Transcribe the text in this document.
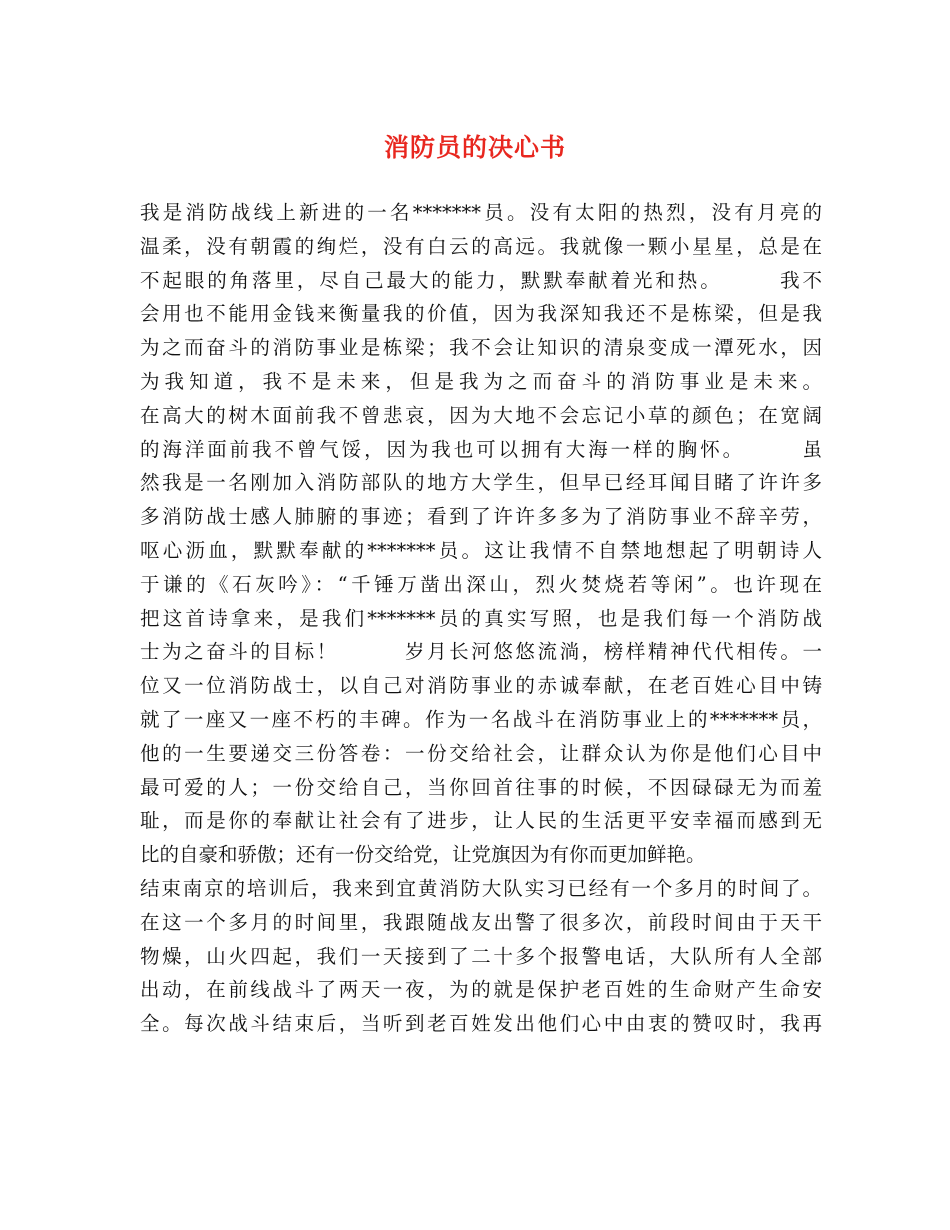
消防员的决心书
我是消防战线上新进的一名*******员。没有太阳的热烈，没有月亮的
温柔，没有朝霞的绚烂，没有白云的高远。我就像一颗小星星，总是在
不起眼的角落里，尽自己最大的能力，默默奉献着光和热。　　　我不
会用也不能用金钱来衡量我的价值，因为我深知我还不是栋梁，但是我
为之而奋斗的消防事业是栋梁；我不会让知识的清泉变成一潭死水，因
为我知道，我不是未来，但是我为之而奋斗的消防事业是未来。
在高大的树木面前我不曾悲哀，因为大地不会忘记小草的颜色；在宽阔
的海洋面前我不曾气馁，因为我也可以拥有大海一样的胸怀。　　　虽
然我是一名刚加入消防部队的地方大学生，但早已经耳闻目睹了许许多
多消防战士感人肺腑的事迹；看到了许许多多为了消防事业不辞辛劳，
呕心沥血，默默奉献的*******员。这让我情不自禁地想起了明朝诗人
于谦的《石灰吟》：“千锤万凿出深山，烈火焚烧若等闲”。也许现在
把这首诗拿来，是我们*******员的真实写照，也是我们每一个消防战
士为之奋斗的目标！　　　岁月长河悠悠流淌，榜样精神代代相传。一
位又一位消防战士，以自己对消防事业的赤诚奉献，在老百姓心目中铸
就了一座又一座不朽的丰碑。作为一名战斗在消防事业上的*******员，
他的一生要递交三份答卷：一份交给社会，让群众认为你是他们心目中
最可爱的人；一份交给自己，当你回首往事的时候，不因碌碌无为而羞
耻，而是你的奉献让社会有了进步，让人民的生活更平安幸福而感到无
比的自豪和骄傲；还有一份交给党，让党旗因为有你而更加鲜艳。
结束南京的培训后，我来到宜黄消防大队实习已经有一个多月的时间了。
在这一个多月的时间里，我跟随战友出警了很多次，前段时间由于天干
物燥，山火四起，我们一天接到了二十多个报警电话，大队所有人全部
出动，在前线战斗了两天一夜，为的就是保护老百姓的生命财产生命安
全。每次战斗结束后，当听到老百姓发出他们心中由衷的赞叹时，我再
